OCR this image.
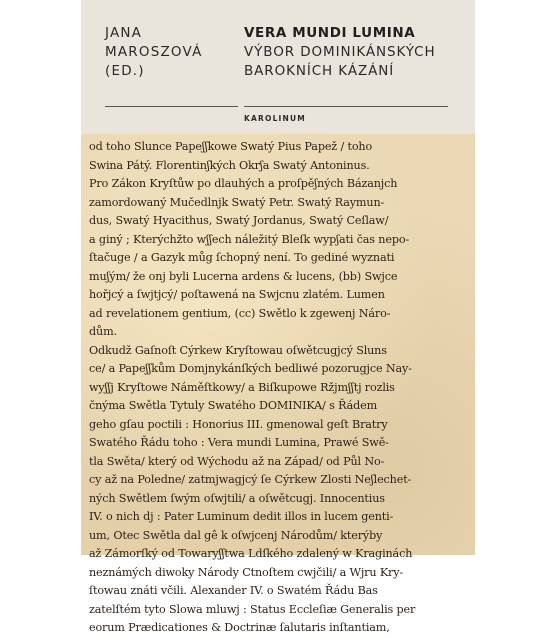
JANA
MAROSZOVÁ
(ED.)
VERA MUNDI LUMINA
VÝBOR DOMINIKÁNSKÝCH
BAROKNÍCH KÁZÁNÍ
KAROLINUM
od toho Slunce Papeʃʃkowe Swatý Pius Papež / toho
Swina Pátý. Florentinʃkých Okrʃa Swatý Antoninus.
Pro Zákon Kryſtůw po dlauhých a proſpěʃných Bázanjch
zamordowaný Mučedlnjk Swatý Petr. Swatý Raymun-
dus, Swatý Hyacithus, Swatý Jordanus, Swatý Ceſlaw/
a giný ; Kterýchžto wʃʃech náležitý Bleſk wypʃati čas nepo-
ſtačuge / a Gazyk můg ſchopný není. To gediné wyznati
muʃým/ že onj byli Lucerna ardens & lucens, (bb) Swjce
hořjcý a ſwjtjcý/ poſtawená na Swjcnu zlatém. Lumen
ad revelationem gentium, (cc) Swětlo k zgewenj Náro-
dům.
Odkudž Gaſnoſt Cýrkew Kryſtowau oſwětcugjcý Sluns
ce/ a Papeʃʃkům Domjnykánſkých bedliwé pozorugjce Nay-
wyʃʃj Kryſtowe Náměſtkowy/ a Biſkupowe Ržjmʃʃtj rozlis
čnýma Swětla Tytuly Swatého DOMINIKA/ s Řádem
geho gſau poctili : Honorius III. gmenowal geſt Bratry
Swatého Řádu toho : Vera mundi Lumina, Prawé Swě-
tla Swěta/ který od Wýchodu až na Západ/ od Půl No-
cy až na Poledne/ zatmjwagjcý ſe Cýrkew Zlosti Neʃlechet-
ných Swětlem ſwým oſwjtili/ a oſwětcugj. Innocentius
IV. o nich dj : Pater Luminum dedit illos in lucem genti-
um, Otec Swětla dal gê k oſwjcenj Národům/ kterýby
až Zámorſký od Towaryʃʃtwa Ldſkého zdalený w Kraginách
neznámých diwoky Národy Ctnoſtem cwjčili/ a Wjru Kry-
ſtowau znáti včili. Alexander IV. o Swatém Řádu Bas
zatelſtém tyto Slowa mluwj : Status Eccleſiæ Generalis per
eorum Prædicationes & Doctrinæ ſalutaris inſtantiam,
